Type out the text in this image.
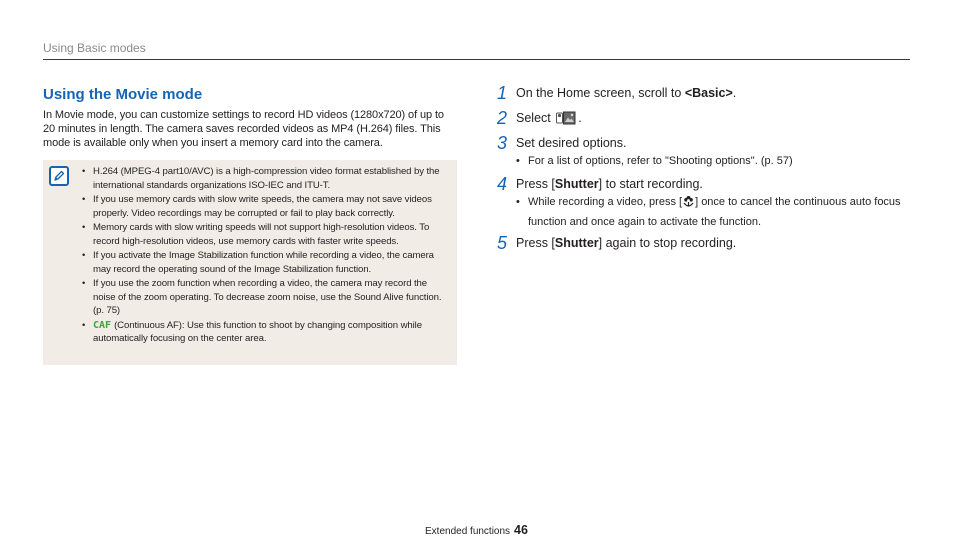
Using Basic modes
Using the Movie mode
In Movie mode, you can customize settings to record HD videos (1280x720) of up to 20 minutes in length. The camera saves recorded videos as MP4 (H.264) files. This mode is available only when you insert a memory card into the camera.
• H.264 (MPEG-4 part10/AVC) is a high-compression video format established by the international standards organizations ISO-IEC and ITU-T.
• If you use memory cards with slow write speeds, the camera may not save videos properly. Video recordings may be corrupted or fail to play back correctly.
• Memory cards with slow writing speeds will not support high-resolution videos. To record high-resolution videos, use memory cards with faster write speeds.
• If you activate the Image Stabilization function while recording a video, the camera may record the operating sound of the Image Stabilization function.
• If you use the zoom function when recording a video, the camera may record the noise of the zoom operating. To decrease zoom noise, use the Sound Alive function. (p. 75)
• CAF (Continuous AF): Use this function to shoot by changing composition while automatically focusing on the center area.
1 On the Home screen, scroll to <Basic>.
2 Select .
3 Set desired options.
• For a list of options, refer to "Shooting options". (p. 57)
4 Press [Shutter] to start recording.
• While recording a video, press [ ] once to cancel the continuous auto focus function and once again to activate the function.
5 Press [Shutter] again to stop recording.
Extended functions 46
